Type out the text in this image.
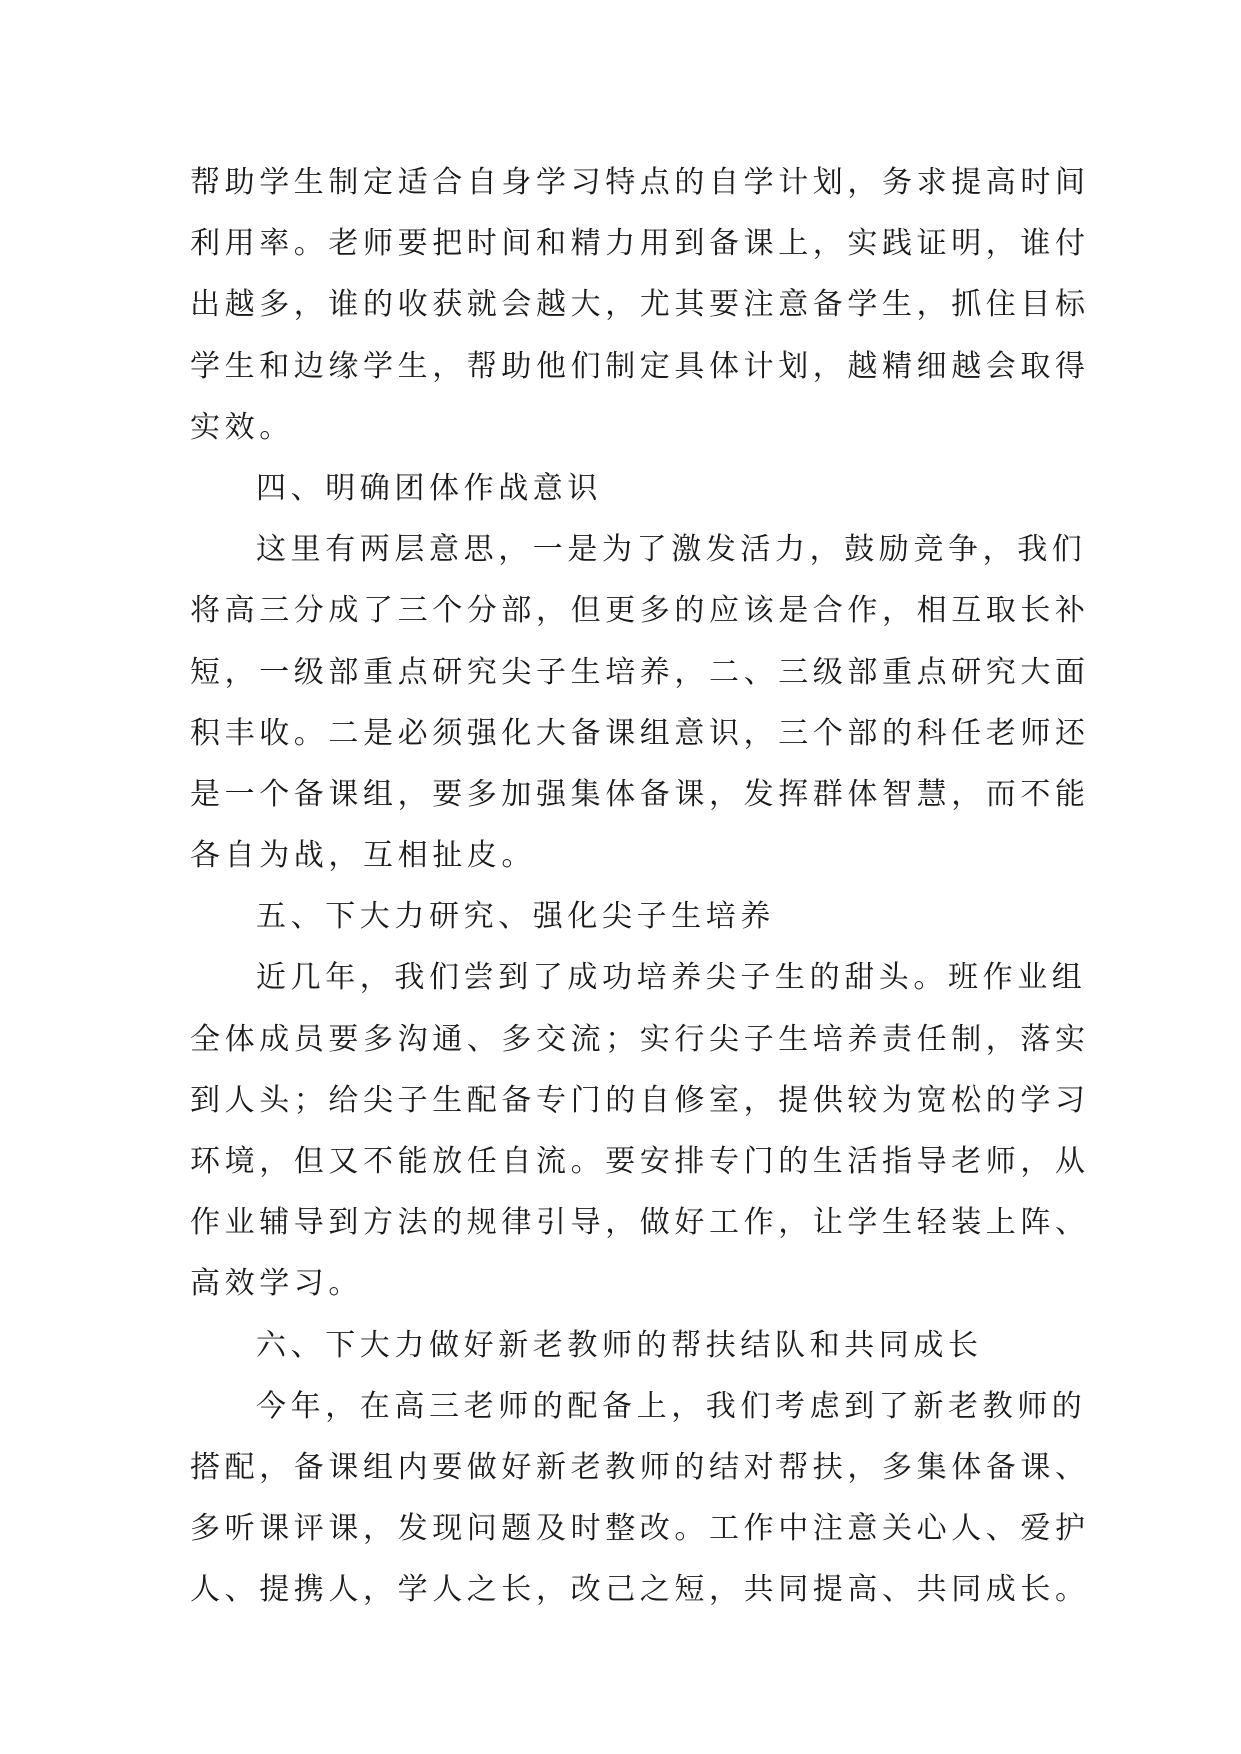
帮助学生制定适合自身学习特点的自学计划，务求提高时间
利用率。老师要把时间和精力用到备课上，实践证明，谁付
出越多，谁的收获就会越大，尤其要注意备学生，抓住目标
学生和边缘学生，帮助他们制定具体计划，越精细越会取得
实效。
四、明确团体作战意识
这里有两层意思，一是为了激发活力，鼓励竞争，我们
将高三分成了三个分部，但更多的应该是合作，相互取长补
短，一级部重点研究尖子生培养，二、三级部重点研究大面
积丰收。二是必须强化大备课组意识，三个部的科任老师还
是一个备课组，要多加强集体备课，发挥群体智慧，而不能
各自为战，互相扯皮。
五、下大力研究、强化尖子生培养
近几年，我们尝到了成功培养尖子生的甜头。班作业组
全体成员要多沟通、多交流；实行尖子生培养责任制，落实
到人头；给尖子生配备专门的自修室，提供较为宽松的学习
环境，但又不能放任自流。要安排专门的生活指导老师，从
作业辅导到方法的规律引导，做好工作，让学生轻装上阵、
高效学习。
六、下大力做好新老教师的帮扶结队和共同成长
今年，在高三老师的配备上，我们考虑到了新老教师的
搭配，备课组内要做好新老教师的结对帮扶，多集体备课、
多听课评课，发现问题及时整改。工作中注意关心人、爱护
人、提携人，学人之长，改己之短，共同提高、共同成长。
